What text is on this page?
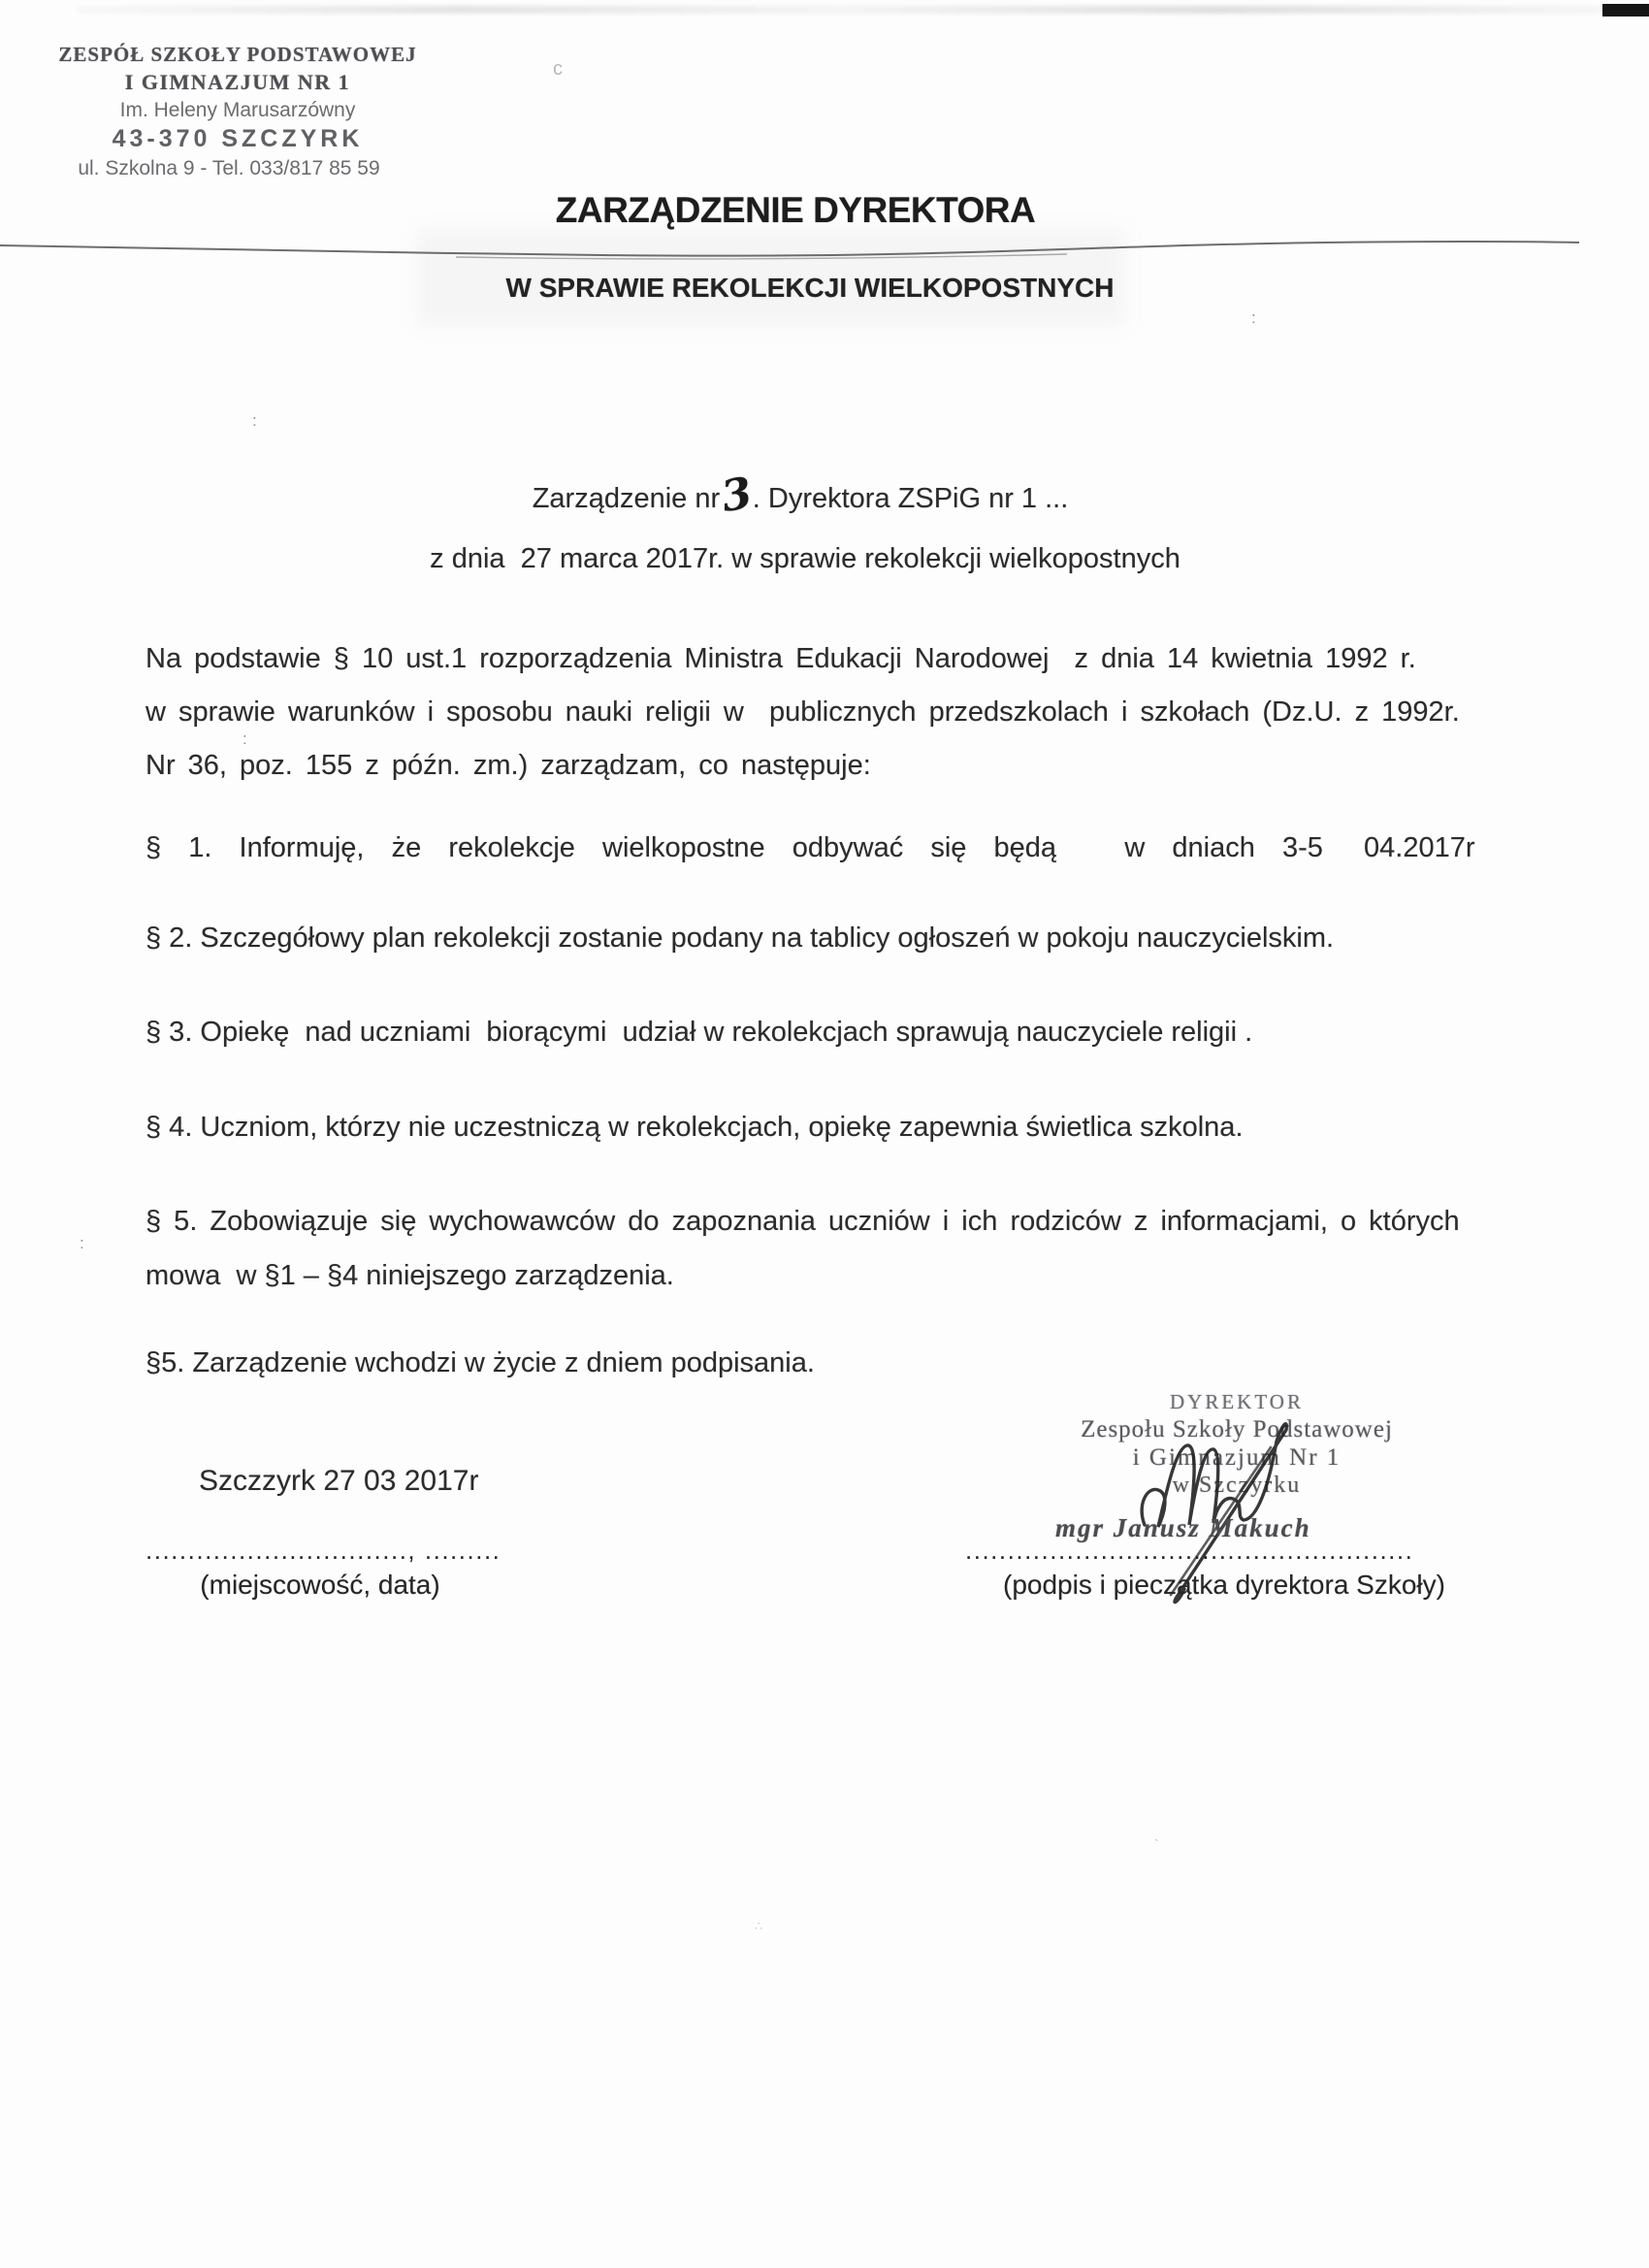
c
:
:
:
:
`
∴
ZESPÓŁ SZKOŁY PODSTAWOWEJ
I GIMNAZJUM NR 1
Im. Heleny Marusarzówny
43-370 SZCZYRK
ul. Szkolna 9 - Tel. 033/817 85 59
ZARZĄDZENIE DYREKTORA
W SPRAWIE REKOLEKCJI WIELKOPOSTNYCH
Zarządzenie nr3. Dyrektora ZSPiG nr 1 ...
z dnia  27 marca 2017r. w sprawie rekolekcji wielkopostnych
Na podstawie § 10 ust.1 rozporządzenia Ministra Edukacji Narodowej  z dnia 14 kwietnia 1992 r.
w sprawie warunków i sposobu nauki religii w  publicznych przedszkolach i szkołach (Dz.U. z 1992r.
Nr 36, poz. 155 z późn. zm.) zarządzam, co następuje:
§  1.  Informuję,  że  rekolekcje  wielkopostne  odbywać  się  będą     w  dniach  3-5   04.2017r
§ 2. Szczegółowy plan rekolekcji zostanie podany na tablicy ogłoszeń w pokoju nauczycielskim.
§ 3. Opiekę  nad uczniami  biorącymi  udział w rekolekcjach sprawują nauczyciele religii .
§ 4. Uczniom, którzy nie uczestniczą w rekolekcjach, opiekę zapewnia świetlica szkolna.
§ 5. Zobowiązuje się wychowawców do zapoznania uczniów i ich rodziców z informacjami, o których
mowa  w §1 – §4 niniejszego zarządzenia.
§5. Zarządzenie wchodzi w życie z dniem podpisania.
Szczzyrk 27 03 2017r
DYREKTOR
Zespołu Szkoły Podstawowej
i Gimnazjum Nr 1
w Szczyrku
mgr Janusz Makuch
..............................., .........
(miejscowość, data)
.....................................................
(podpis i pieczątka dyrektora Szkoły)
